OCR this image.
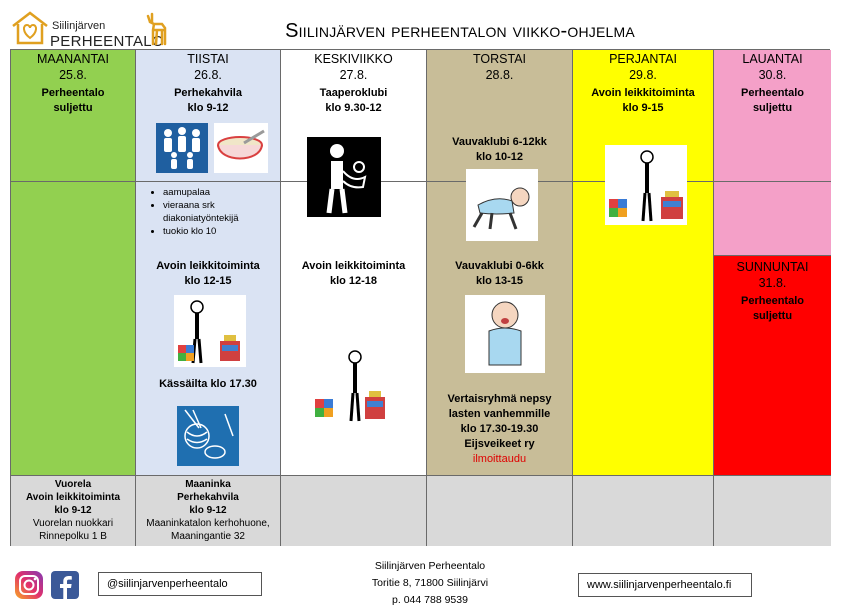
Siilinjärven
PERHEENTALO	Siilinjärven perheentalon viikko-ohjelma
MAANANTAI
25.8.
Perheentalo
suljettu
TIISTAI
26.8.
Perhekahvila
klo 9-12
• aamupalaa
• vieraana srk diakoniatyöntekijä
• tuokio klo 10
Avoin leikkitoiminta
klo 12-15
Kässäilta klo 17.30
KESKIVIIKKO
27.8.
Taaperoklubi
klo 9.30-12
Avoin leikkitoiminta
klo 12-18
TORSTAI
28.8.
Vauvaklubi 6-12kk
klo 10-12
Vauvaklubi 0-6kk
klo 13-15
Vertaisryhmä nepsy
lasten vanhemmille
klo 17.30-19.30
Eijsveikeet ry
ilmoittaudu
PERJANTAI
29.8.
Avoin leikkitoiminta
klo 9-15
LAUANTAI
30.8.
Perheentalo
suljettu
SUNNUNTAI
31.8.
Perheentalo
suljettu
Vuorela
Avoin leikkitoiminta
klo 9-12
Vuorelan nuokkari
Rinnepolku 1 B
Maaninka
Perhekahvila
klo 9-12
Maaninkatalon kerhohuone,
Maaningantie 32
@siilinjarvenperheentalo
Siilinjärven Perheentalo
Toritie 8, 71800 Siilinjärvi
p. 044 788 9539
www.siilinjarvenperheentalo.fi
